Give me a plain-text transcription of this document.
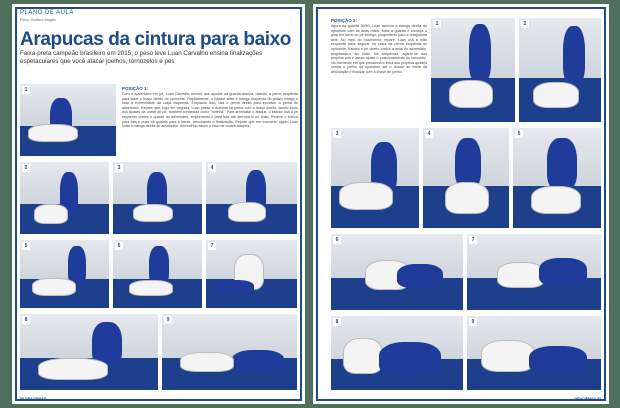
PLANO DE AULA
Fotos: Gustavo Aragão
Arapucas da cintura para baixo
Faixa-preta campeão brasileiro em 2015, o peso leve Luan Carvalho ensina finalizações espetaculares que você atacar joelhos, tornozelos e pés
1	POSIÇÃO 1:
Com o adversário em pé, Luan Carvalho recorre aos ajustes da guarda-aranha, usando a perna esquerda para fazer o braço direito do oponente. Rapidamente, o lutador solta a manga esquerda do gola/o mmigo e cata a extremidade da calça esquerda. Enquanto isso, usa a perna direita para envolver a perna do adversário. Repare que, logo em seguida, Luan passa a dominar tal perna com o braço direito, dando início aos ajustes da chave de pé, também conhecida como "botinha". Para arrematar o ataque, o lutador usa o pé esquerdo contra o quadril do adversário, empurrando-o para trás até derrubá-lo no chão. Recline o tronco para trás e puxe os quadris para a frente, arrochando a finalização. Repare que em momento algum Luan solta a manga direita do adversário, diminuindo assim o risco de contra-ataques.
2	3	4
5	6	7
8	9
56 GRACIEMAG
POSIÇÃO 2:
Agora na guarda 50/50, Luan domina a manga direita do oponente com as duas mãos, sobe a guarda e começa a girar em torno do pé inimigo, progredindo para a retaguarda dele. No meio do movimento, repare, Luan usa a mão esquerda para segurar na calça da perna esquerda do oponente. Escora o pé direito contra a axila do adversário, projetando-o ao chão. Na sequência, agarre-se aos próprios pés e assim ajuste o posicionamento do tornozelo. No momento em que pressiona a linha dos próprios quadris contra o joelho do oponente até o dobrar ao limite da articulação e finalizar com a chave de joelho.
1	2
3	4	5
6	7
8	9
GRACIEMAG 57
